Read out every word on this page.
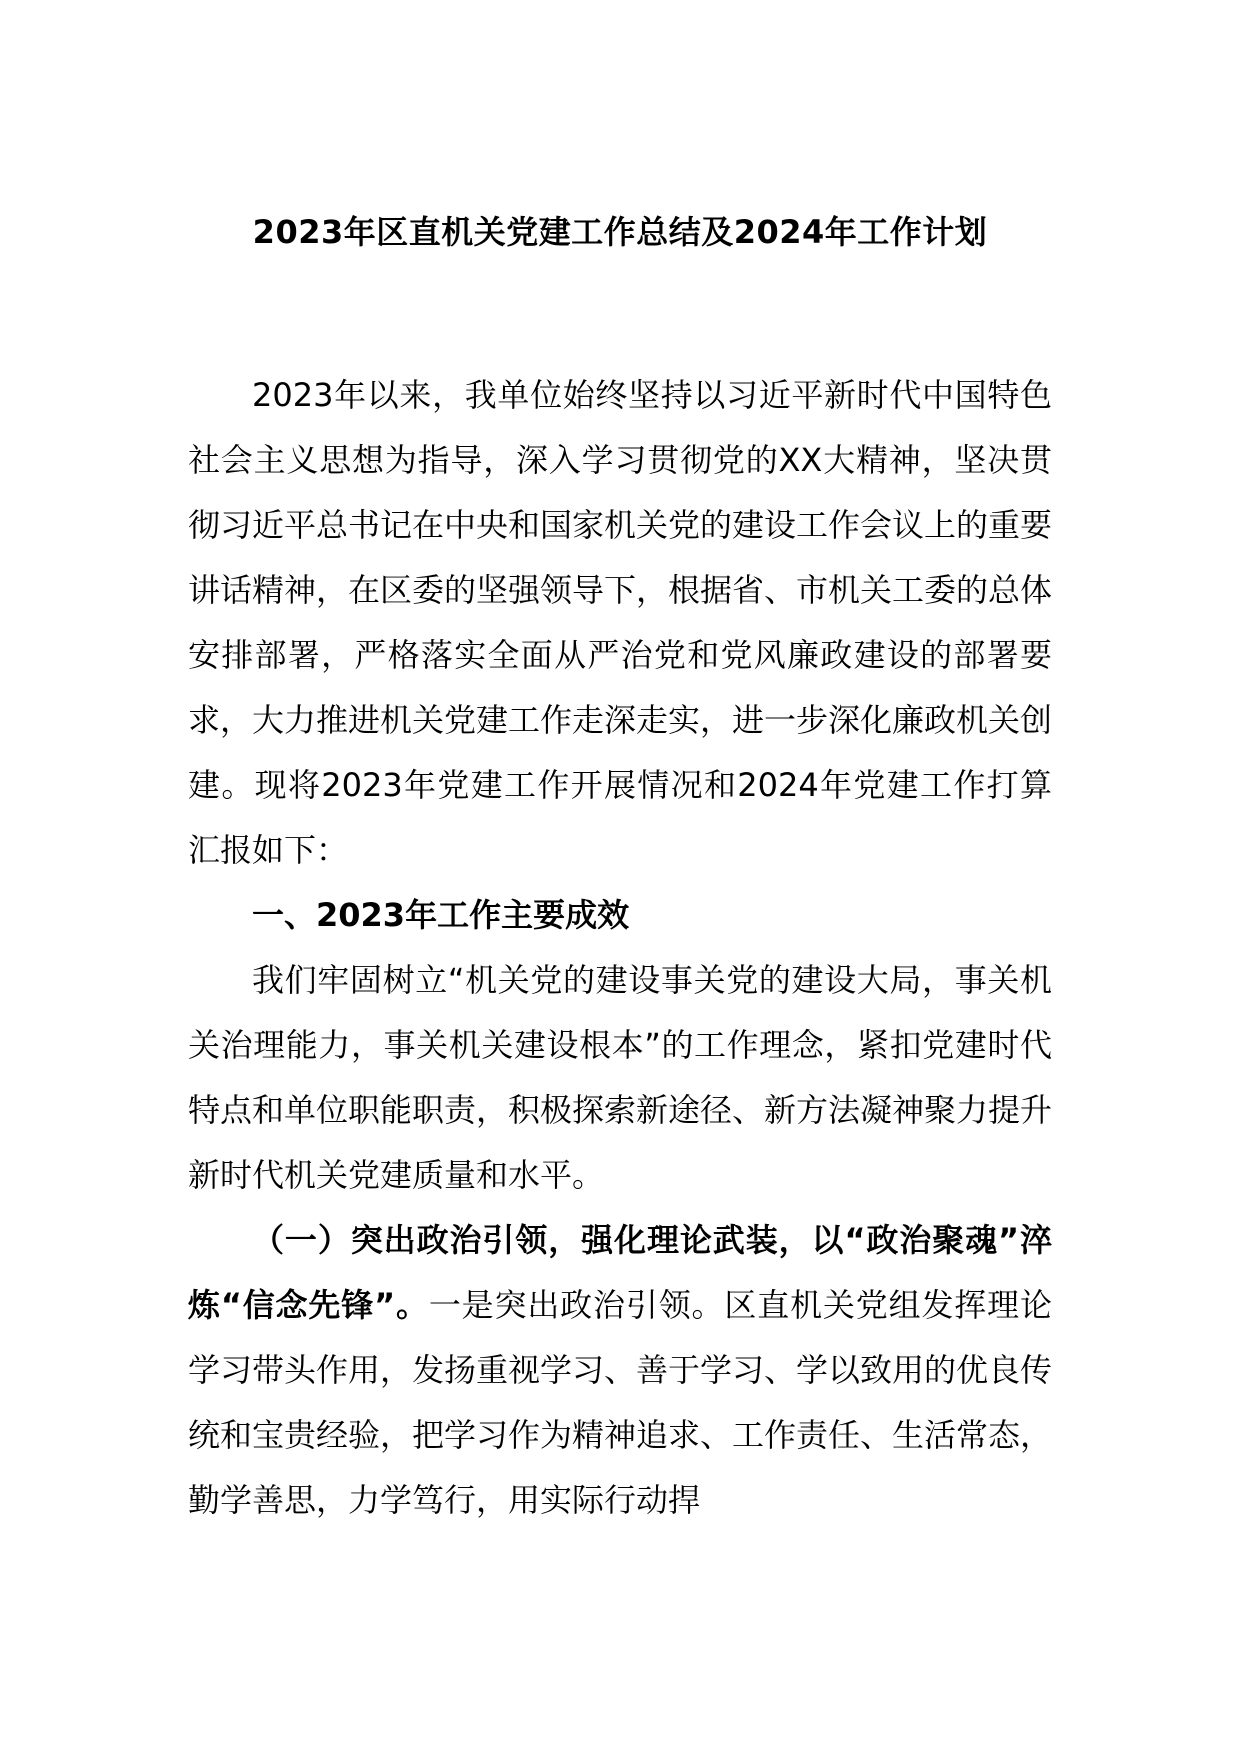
2023年区直机关党建工作总结及2024年工作计划

2023年以来，我单位始终坚持以习近平新时代中国特色社会主义思想为指导，深入学习贯彻党的XX大精神，坚决贯彻习近平总书记在中央和国家机关党的建设工作会议上的重要讲话精神，在区委的坚强领导下，根据省、市机关工委的总体安排部署，严格落实全面从严治党和党风廉政建设的部署要求，大力推进机关党建工作走深走实，进一步深化廉政机关创建。现将2023年党建工作开展情况和2024年党建工作打算汇报如下：

一、2023年工作主要成效

我们牢固树立“机关党的建设事关党的建设大局，事关机关治理能力，事关机关建设根本”的工作理念，紧扣党建时代特点和单位职能职责，积极探索新途径、新方法凝神聚力提升新时代机关党建质量和水平。

（一）突出政治引领，强化理论武装，以“政治聚魂”淬炼“信念先锋”。一是突出政治引领。区直机关党组发挥理论学习带头作用，发扬重视学习、善于学习、学以致用的优良传统和宝贵经验，把学习作为精神追求、工作责任、生活常态，勤学善思，力学笃行，用实际行动捍
